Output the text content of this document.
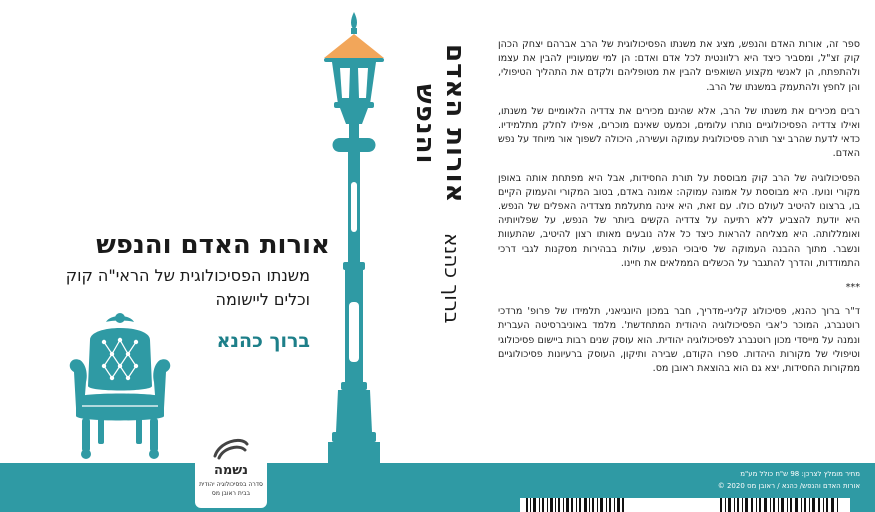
אורות האדם והנפש
ברוך כהנא
אורות האדם והנפש
משנתו הפסיכולוגית של הראי"ה קוק
וכלים ליישומה
ברוך כהנא
נשמה
סדרה בפסיכולוגיה יהודית
בבית ראובן מס

ספר זה, אורות האדם והנפש, מציג את משנתו הפסיכולוגית של הרב אברהם יצחק הכהן קוק זצ"ל, ומסביר כיצד היא רלוונטית לכל אדם ואדם: הן למי שמעוניין להבין את עצמו ולהתפתח, הן לאנשי מקצוע השואפים להבין את מטופליהם ולקדם את התהליך הטיפולי, והן לחפץ ולהתעמק במשנתו של הרב.

רבים מכירים את משנתו של הרב, אלא שהינם מכירים את צדדיה הלאומיים של משנתו, ואילו צדדיה הפסיכולוגיים נותרו עלומים, וכמעט שאינם מוכרים, אפילו לחלק מתלמידיו. כדאי לדעת שהרב יצר תורה פסיכולוגית עמוקה ועשירה, היכולה לשפוך אור מיוחד על נפש האדם.

הפסיכולוגיה של הרב קוק מבוססת על תורת החסידות, אבל היא מפתחת אותה באופן מקורי ונועז. היא מבוססת על אמונה עמוקה: אמונה באדם, בטוב המקורי והעמוק הקיים בו, ברצונו להיטיב לעולם כולו. עם זאת, היא אינה מתעלמת מצדדיה האפלים של הנפש. היא יודעת להצביע ללא רתיעה על צדדיה הקשים ביותר של הנפש, על שפלויותיה ואומללותה. היא מצליחה להראות כיצד כל אלה נובעים מאותו רצון להיטיב, שהתעוות ונשבר. מתוך ההבנה העמוקה של סיבוכי הנפש, עולות בבהירות מסקנות לגבי דרכי התמודדות, והדרך להתגבר על הכשלים הממלאים את חיינו.

***

ד"ר ברוך כהנא, פסיכולוג קליני-מדריך, חבר במכון היונגיאני, תלמידו של פרופ' מרדכי רוטנברג, המוכר כ'אבי הפסיכולוגיה היהודית המתחדשת'. מלמד באוניברסיטה העברית ונמנה על מייסדי מכון רוטנברג לפסיכולוגיה יהודית. הוא עוסק שנים רבות ביישום פסיכולוגי וטיפולי של מקורות היהדות. ספרו הקודם, שבירה ותיקון, העוסק ברעיונות פסיכולוגיים ממקורות החסידות, יצא גם הוא בהוצאת ראובן מס.

מחיר מומלץ לצרכן: 98 ש"ח כולל מע"מ
אורות האדם והנפש/ כהנא / ראובן מס 2020 ©
